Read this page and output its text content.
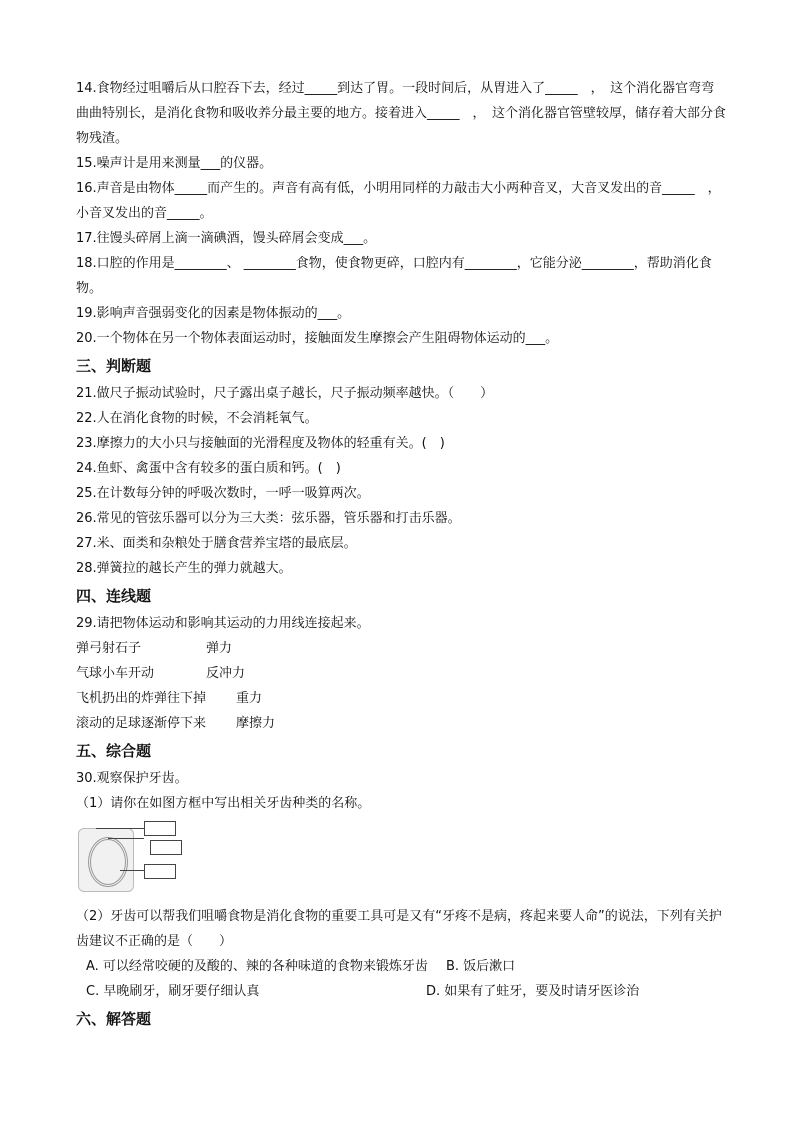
14.食物经过咀嚼后从口腔吞下去，经过_____到达了胃。一段时间后，从胃进入了_____　，　这个消化器官弯弯曲曲特别长，是消化食物和吸收养分最主要的地方。接着进入_____　，　这个消化器官管壁较厚，储存着大部分食物残渣。
15.噪声计是用来测量___的仪器。
16.声音是由物体_____而产生的。声音有高有低，小明用同样的力敲击大小两种音叉，大音叉发出的音_____　，　小音叉发出的音_____。
17.往馒头碎屑上滴一滴碘酒，馒头碎屑会变成___。
18.口腔的作用是________、 ________食物，使食物更碎，口腔内有________，它能分泌________，帮助消化食物。
19.影响声音强弱变化的因素是物体振动的___。
20.一个物体在另一个物体表面运动时，接触面发生摩擦会产生阻碍物体运动的___。
三、判断题
21.做尺子振动试验时，尺子露出桌子越长，尺子振动频率越快。（　　）
22.人在消化食物的时候，不会消耗氧气。
23.摩擦力的大小只与接触面的光滑程度及物体的轻重有关。(　)
24.鱼虾、禽蛋中含有较多的蛋白质和钙。(　)
25.在计数每分钟的呼吸次数时，一呼一吸算两次。
26.常见的管弦乐器可以分为三大类：弦乐器，管乐器和打击乐器。
27.米、面类和杂粮处于膳食营养宝塔的最底层。
28.弹簧拉的越长产生的弹力就越大。
四、连线题
29.请把物体运动和影响其运动的力用线连接起来。
弹弓射石子	弹力
气球小车开动	反冲力
飞机扔出的炸弹往下掉	重力
滚动的足球逐渐停下来	摩擦力
五、综合题
30.观察保护牙齿。
（1）请你在如图方框中写出相关牙齿种类的名称。
（2）牙齿可以帮我们咀嚼食物是消化食物的重要工具可是又有“牙疼不是病，疼起来要人命”的说法，下列有关护齿建议不正确的是（　　）
A. 可以经常咬硬的及酸的、辣的各种味道的食物来锻炼牙齿 B. 饭后漱口
C. 早晚刷牙，刷牙要仔细认真	D. 如果有了蛀牙，要及时请牙医诊治
六、解答题
